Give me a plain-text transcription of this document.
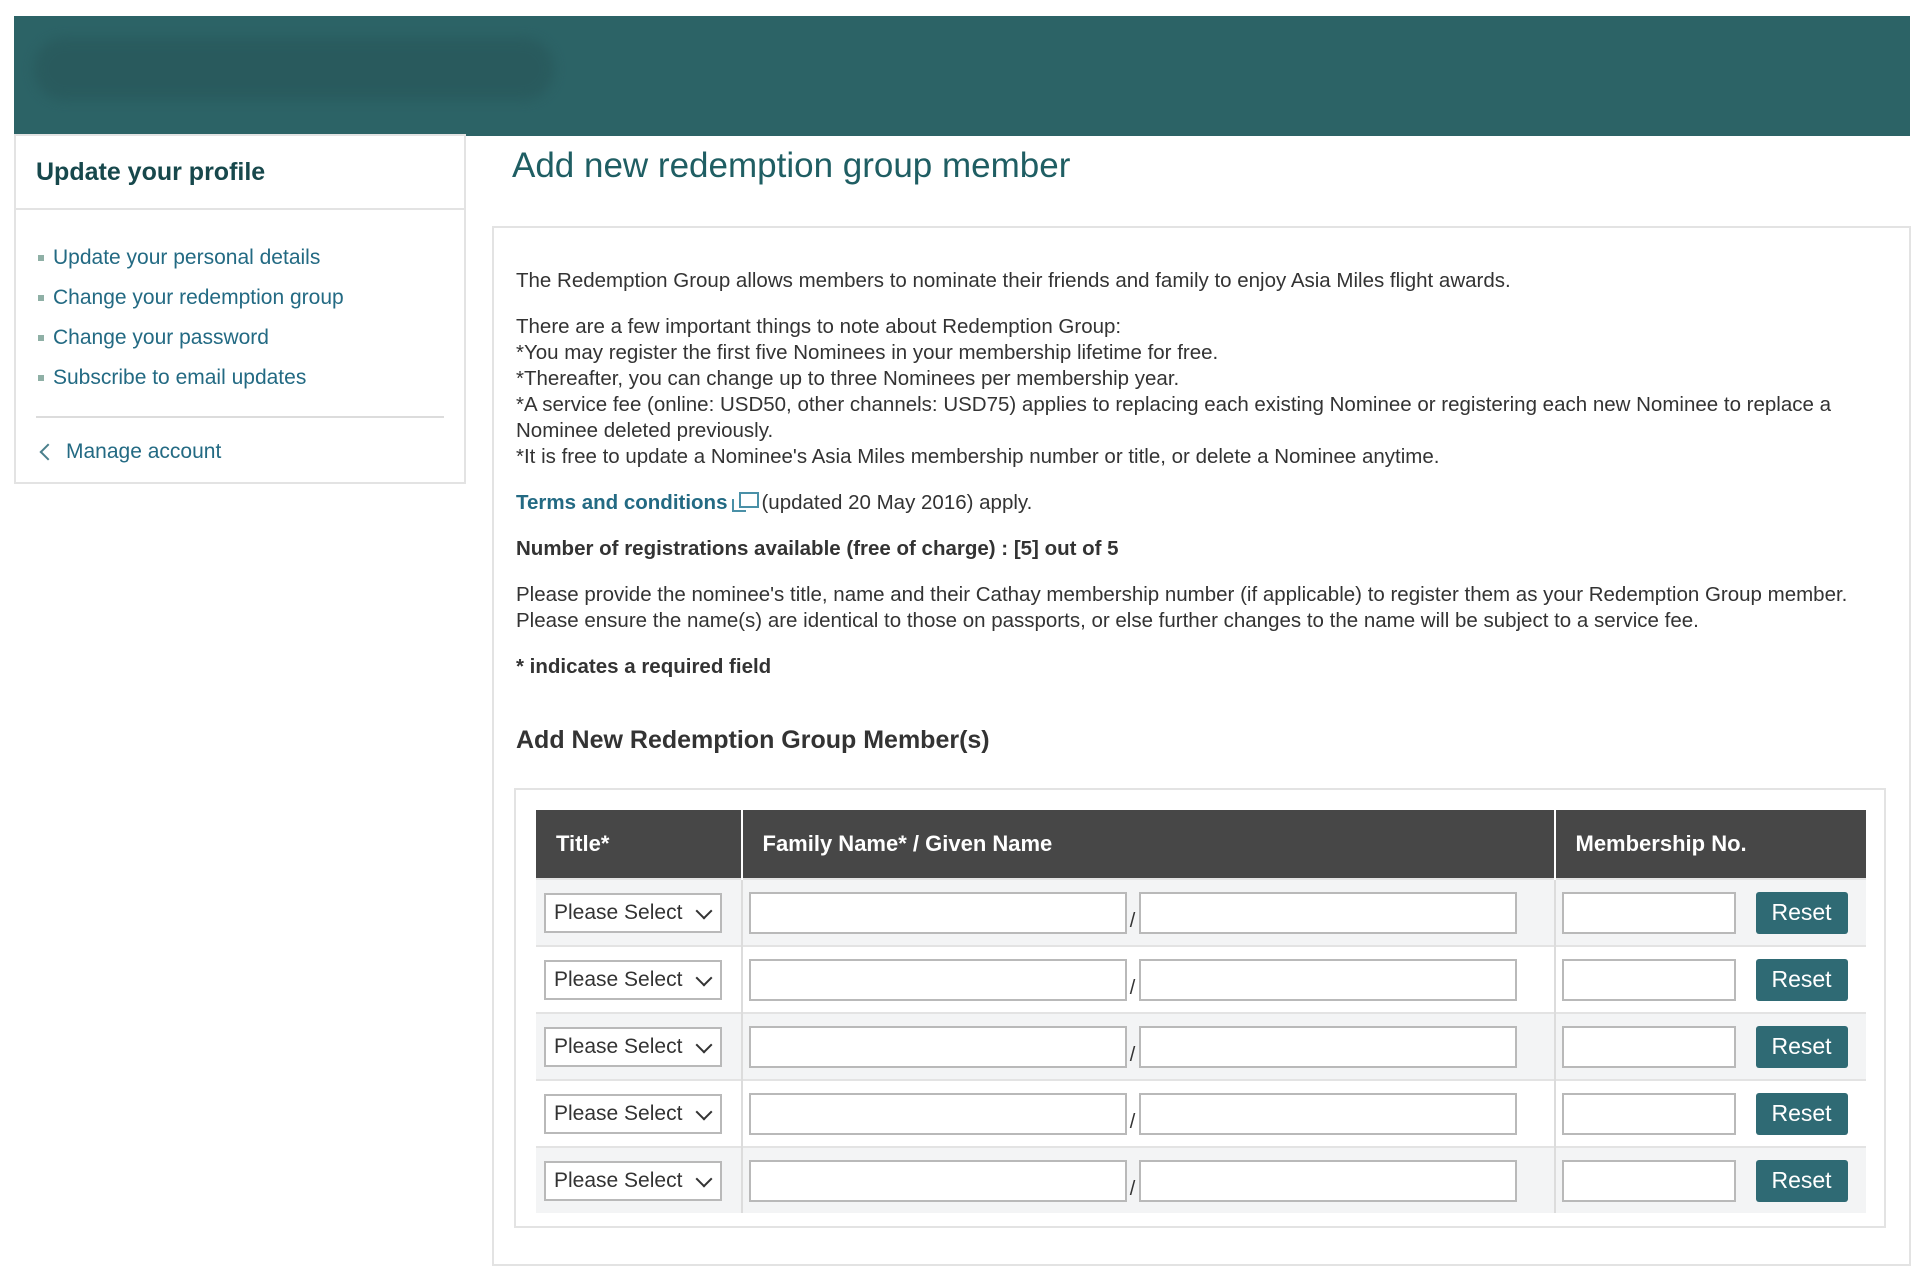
Update your profile
Update your personal details
Change your redemption group
Change your password
Subscribe to email updates
Manage account
Add new redemption group member

The Redemption Group allows members to nominate their friends and family to enjoy Asia Miles flight awards.

There are a few important things to note about Redemption Group:

*You may register the first five Nominees in your membership lifetime for free.

*Thereafter, you can change up to three Nominees per membership year.

*A service fee (online: USD50, other channels: USD75) applies to replacing each existing Nominee or registering each new Nominee to replace a Nominee deleted previously.

*It is free to update a Nominee's Asia Miles membership number or title, or delete a Nominee anytime.

Terms and conditions (updated 20 May 2016) apply.

Number of registrations available (free of charge) : [5] out of 5

Please provide the nominee's title, name and their Cathay membership number (if applicable) to register them as your Redemption Group member. Please ensure the name(s) are identical to those on passports, or else further changes to the name will be subject to a service fee.

* indicates a required field

Add New Redemption Group Member(s)
Title*	Family Name* / Given Name	Membership No.

Please Select	/	Reset

Please Select	/	Reset

Please Select	/	Reset

Please Select	/	Reset

Please Select	/	Reset
